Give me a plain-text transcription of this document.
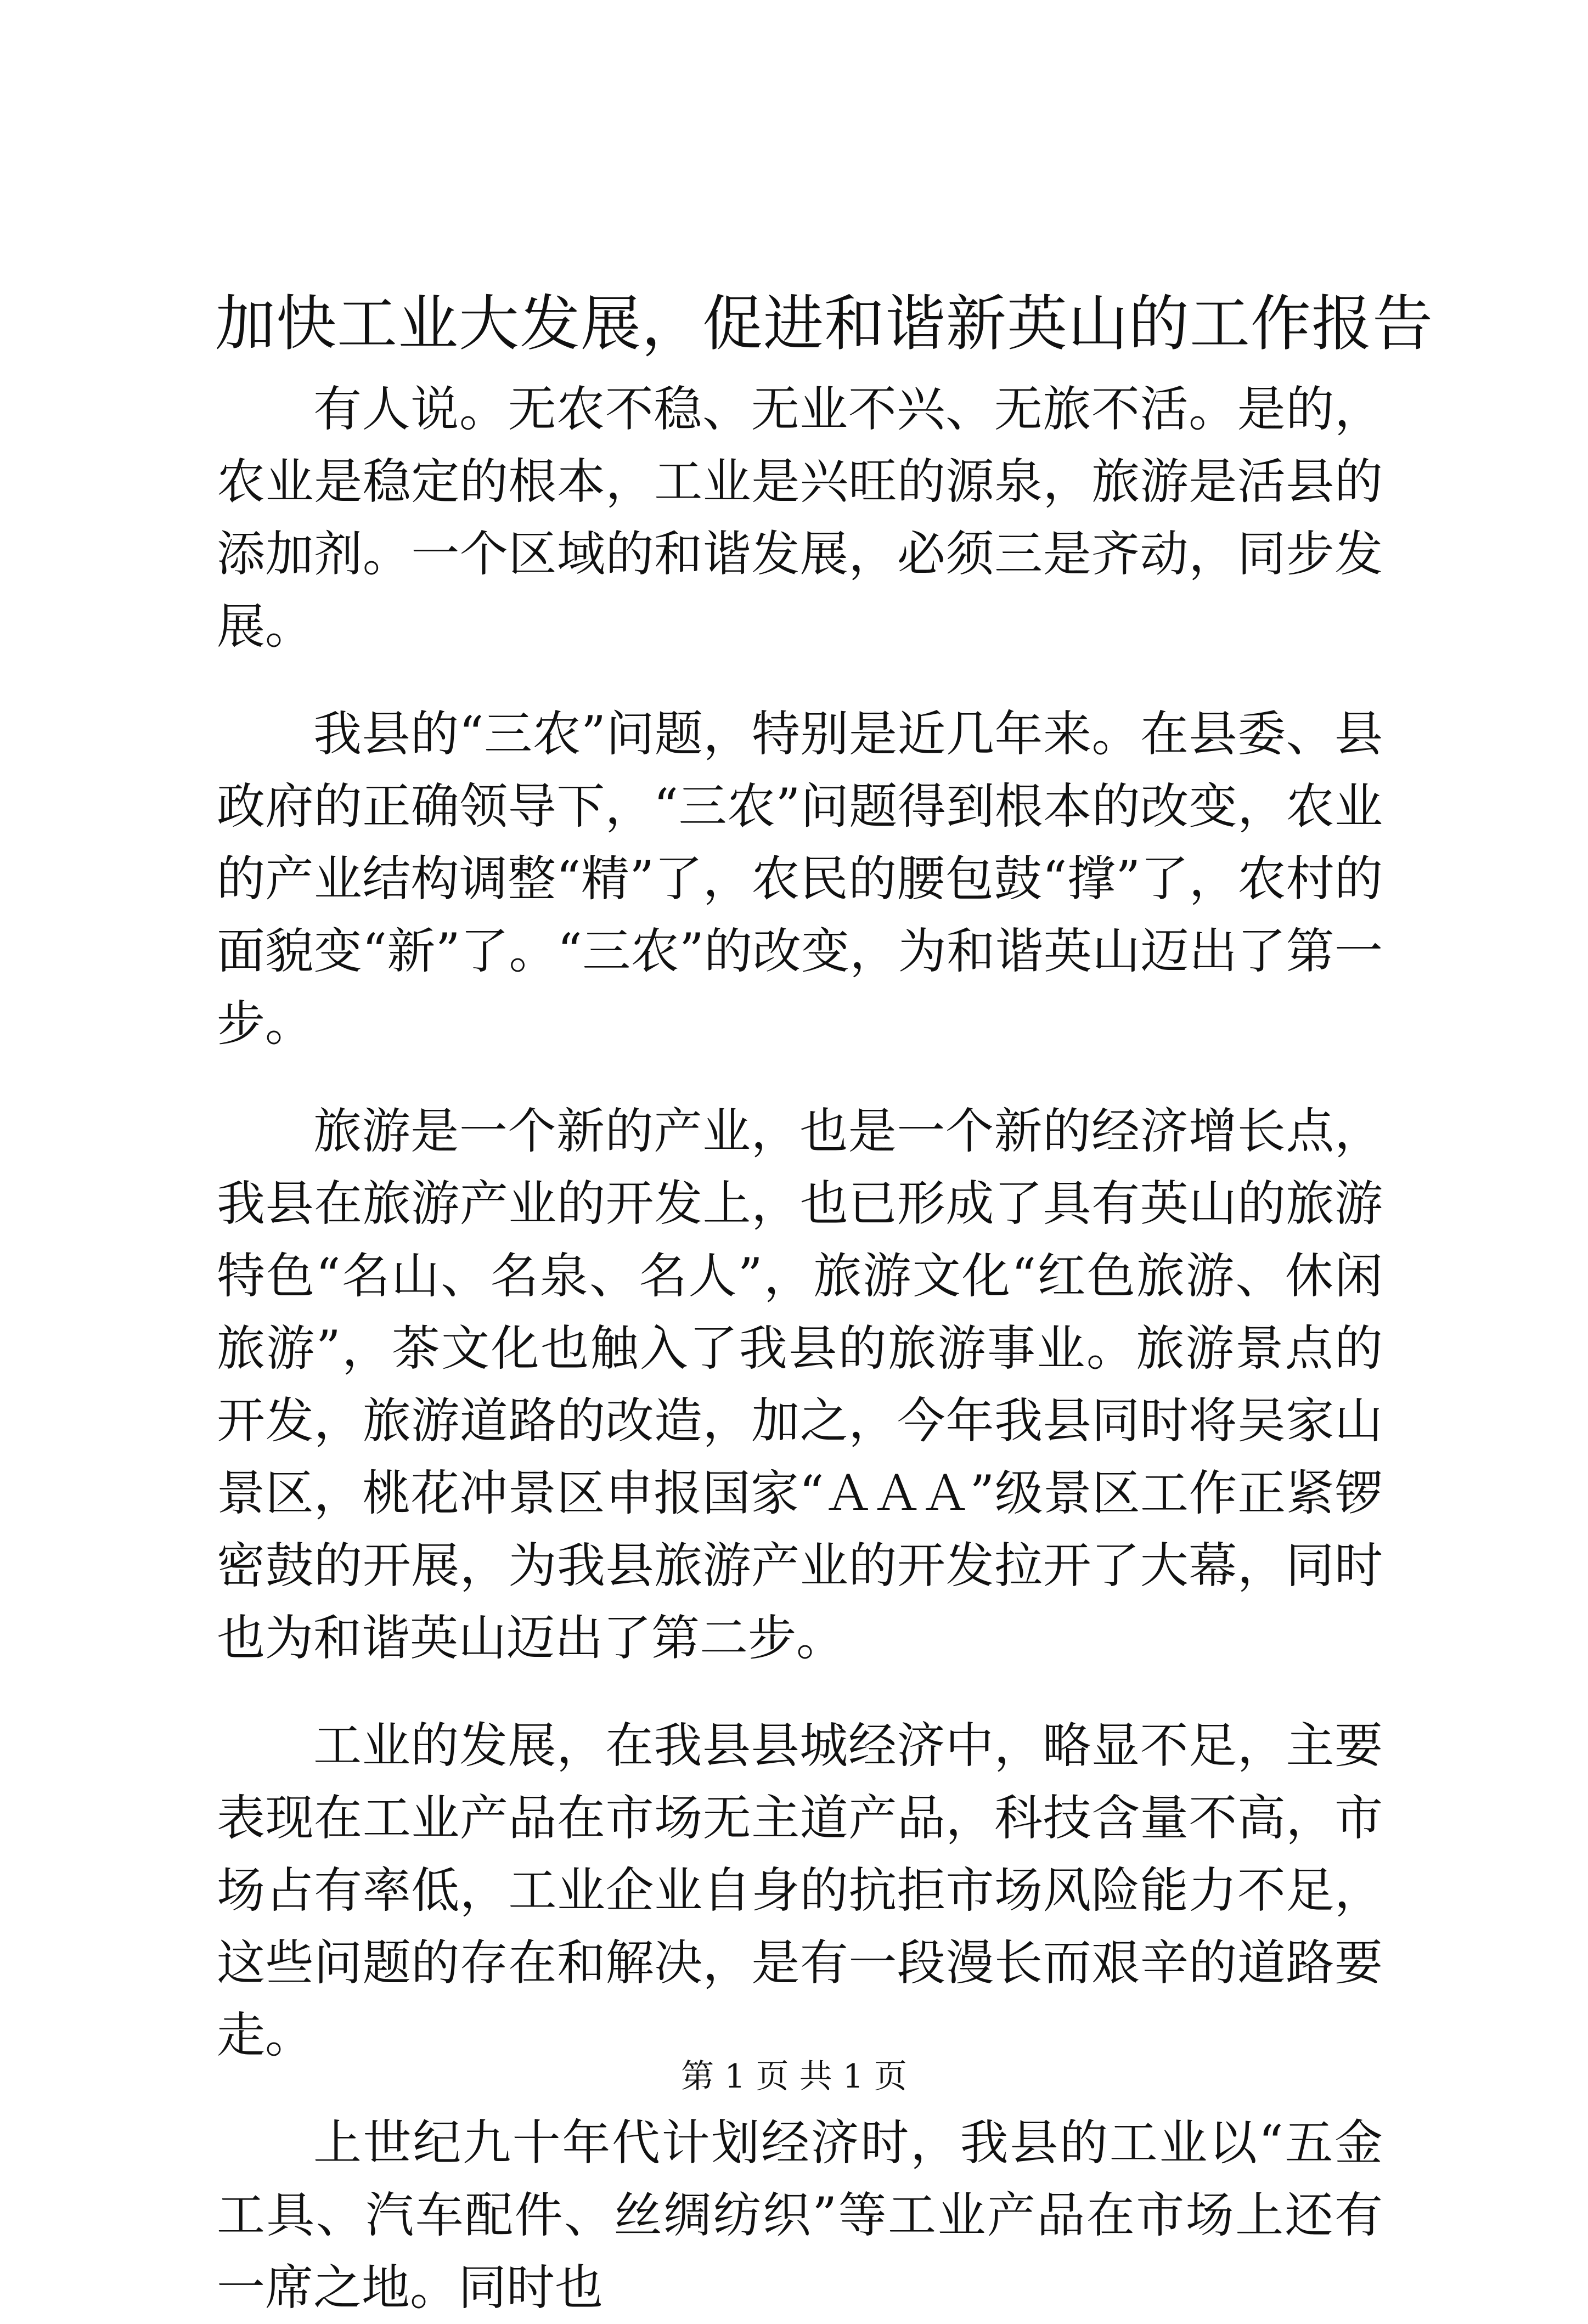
加快工业大发展，促进和谐新英山的工作报告

有人说。无农不稳、无业不兴、无旅不活。是的，农业是稳定的根本，工业是兴旺的源泉，旅游是活县的添加剂。一个区域的和谐发展，必须三是齐动，同步发展。

我县的“三农”问题，特别是近几年来。在县委、县政府的正确领导下，“三农”问题得到根本的改变，农业的产业结构调整“精”了，农民的腰包鼓“撑”了，农村的面貌变“新”了。“三农”的改变，为和谐英山迈出了第一步。

旅游是一个新的产业，也是一个新的经济增长点，我县在旅游产业的开发上，也已形成了具有英山的旅游特色“名山、名泉、名人”，旅游文化“红色旅游、休闲旅游”，茶文化也触入了我县的旅游事业。旅游景点的开发，旅游道路的改造，加之，今年我县同时将吴家山景区，桃花冲景区申报国家“ＡＡＡ”级景区工作正紧锣密鼓的开展，为我县旅游产业的开发拉开了大幕，同时也为和谐英山迈出了第二步。

工业的发展，在我县县城经济中，略显不足，主要表现在工业产品在市场无主道产品，科技含量不高，市场占有率低，工业企业自身的抗拒市场风险能力不足，这些问题的存在和解决，是有一段漫长而艰辛的道路要走。

上世纪九十年代计划经济时，我县的工业以“五金工具、汽车配件、丝绸纺织”等工业产品在市场上还有一席之地。同时也

第 1 页 共 1 页
